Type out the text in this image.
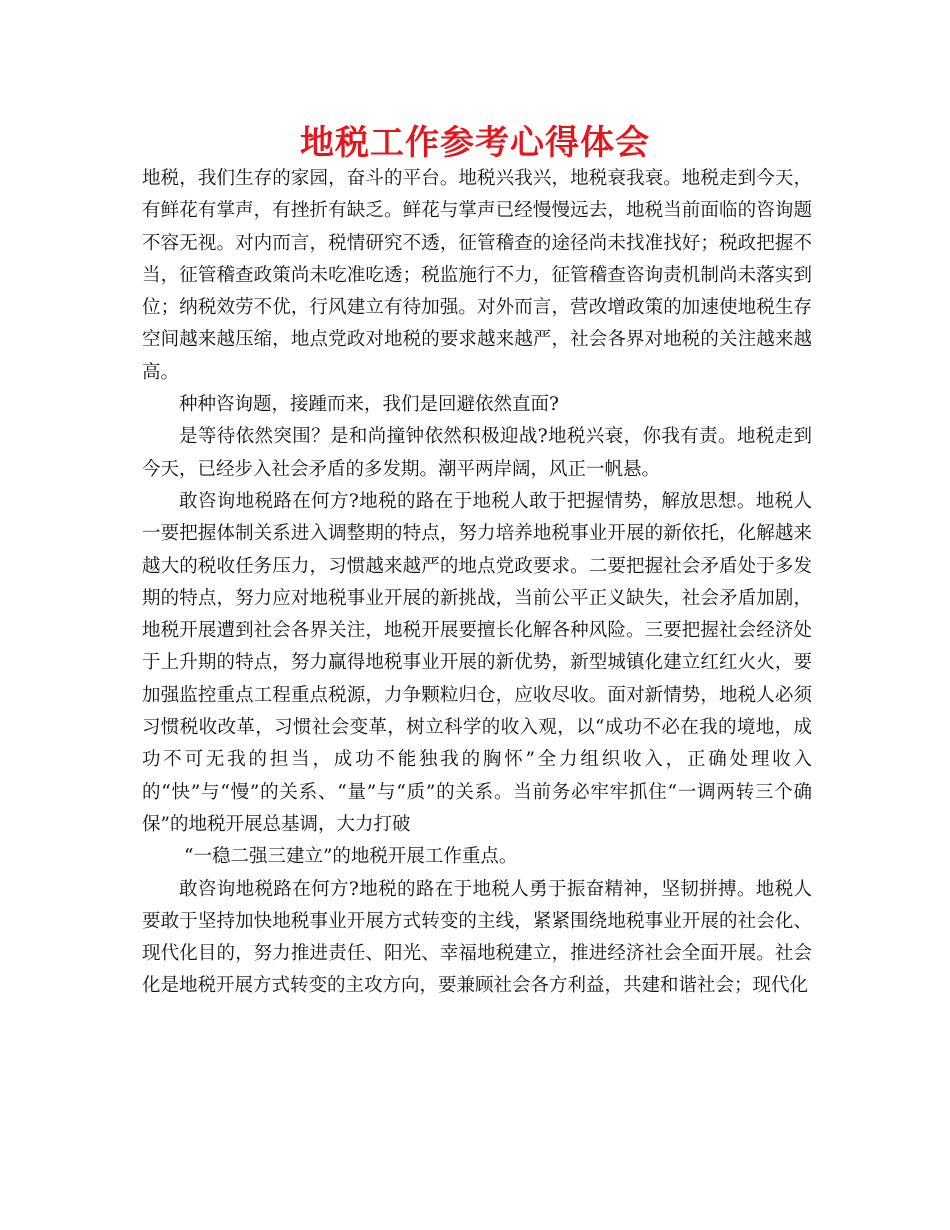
地税工作参考心得体会

地税，我们生存的家园，奋斗的平台。地税兴我兴，地税衰我衰。地税走到今天，有鲜花有掌声，有挫折有缺乏。鲜花与掌声已经慢慢远去，地税当前面临的咨询题不容无视。对内而言，税情研究不透，征管稽查的途径尚未找准找好；税政把握不当，征管稽查政策尚未吃准吃透；税监施行不力，征管稽查咨询责机制尚未落实到位；纳税效劳不优，行风建立有待加强。对外而言，营改增政策的加速使地税生存空间越来越压缩，地点党政对地税的要求越来越严，社会各界对地税的关注越来越高。

种种咨询题，接踵而来，我们是回避依然直面?

是等待依然突围？是和尚撞钟依然积极迎战?地税兴衰，你我有责。地税走到今天，已经步入社会矛盾的多发期。潮平两岸阔，风正一帆悬。

敢咨询地税路在何方?地税的路在于地税人敢于把握情势，解放思想。地税人一要把握体制关系进入调整期的特点，努力培养地税事业开展的新依托，化解越来越大的税收任务压力，习惯越来越严的地点党政要求。二要把握社会矛盾处于多发期的特点，努力应对地税事业开展的新挑战，当前公平正义缺失，社会矛盾加剧，地税开展遭到社会各界关注，地税开展要擅长化解各种风险。三要把握社会经济处于上升期的特点，努力赢得地税事业开展的新优势，新型城镇化建立红红火火，要加强监控重点工程重点税源，力争颗粒归仓，应收尽收。面对新情势，地税人必须习惯税收改革，习惯社会变革，树立科学的收入观，以“成功不必在我的境地，成功不可无我的担当，成功不能独我的胸怀”全力组织收入，正确处理收入的“快”与“慢”的关系、“量”与“质”的关系。当前务必牢牢抓住“一调两转三个确保”的地税开展总基调，大力打破

“一稳二强三建立”的地税开展工作重点。

敢咨询地税路在何方?地税的路在于地税人勇于振奋精神，坚韧拼搏。地税人要敢于坚持加快地税事业开展方式转变的主线，紧紧围绕地税事业开展的社会化、现代化目的，努力推进责任、阳光、幸福地税建立，推进经济社会全面开展。社会化是地税开展方式转变的主攻方向，要兼顾社会各方利益，共建和谐社会；现代化
